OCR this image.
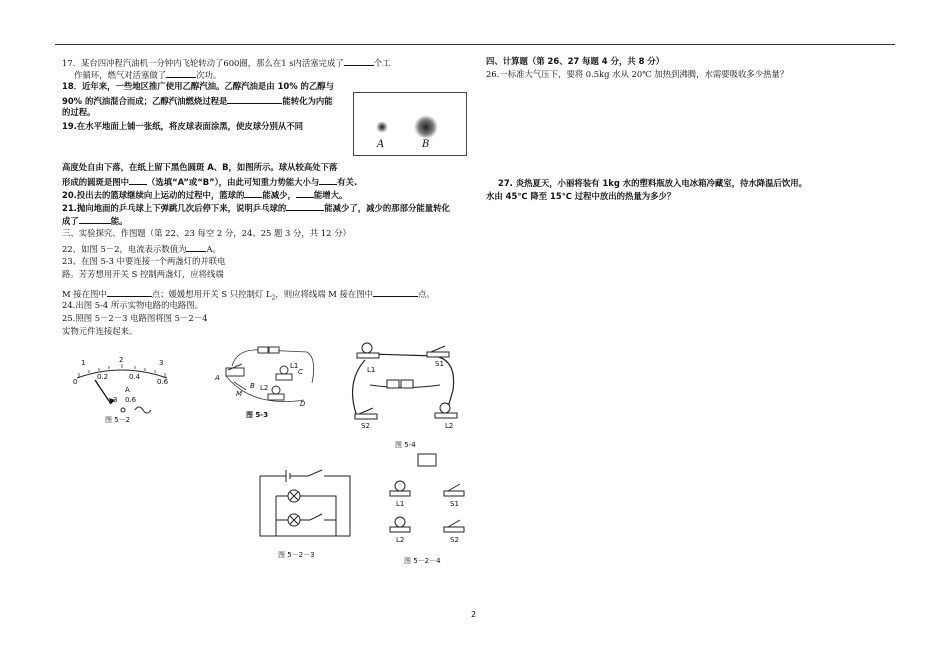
17．某台四冲程汽油机一分钟内飞轮转动了600圈，那么在1 s内活塞完成了	个工
作循环，燃气对活塞做了	次功。
18．近年来，一些地区推广使用乙醇汽油。乙醇汽油是由 10% 的乙醇与
90% 的汽油混合而成；乙醇汽油燃烧过程是	能转化为内能
的过程。
19.在水平地面上铺一张纸，将皮球表面涂黑，使皮球分别从不同
高度处自由下落，在纸上留下黑色圆斑 A、B，如图所示。球从较高处下落
形成的圆斑是图中 （选填“A”或“B”），由此可知重力势能大小与 有关.
20.投出去的篮球继续向上运动的过程中，篮球的 能减少， 能增大。
21.抛向地面的乒乓球上下弹跳几次后停下来，说明乒乓球的	能减少了，减少的那部分能量转化
成了	能。
三、实验探究、作图题（第 22、23 每空 2 分，24、25 题 3 分，共 12 分）
22、如图 5－2，电流表示数值为 A。
23、在图 5-3 中要连接一个两盏灯的并联电
路。芳芳想用开关 S 控制两盏灯，应将线端
M 接在图中	点；媛媛想用开关 S 只控制灯 $L_2$，则应将线端 M 接在图中	点。
24.出图 5-4 所示实物电路的电路图。
25.照图 5－2－3 电路图将图 5－2－4
实物元件连接起来。
A	B
四、计算题（第 26、27 每题 4 分，共 8 分）
26.一标准大气压下，要将 0.5kg 水从 20℃ 加热到沸腾，水需要吸收多少热量？
27. 炎热夏天，小丽将装有 1kg 水的塑料瓶放入电冰箱冷藏室，待水降温后饮用。
水由 45℃ 降至 15℃ 过程中放出的热量为多少？
1	2	3
0
0.2	0.4
0.6
A
3 0.6
图 5－2
A
B
C
D
M
L1
L2
图 5-3
L1
S1
S2	L2
图 5-4
图 5－2－3
L1	S1
L2	S2
图 5－2－4
2
